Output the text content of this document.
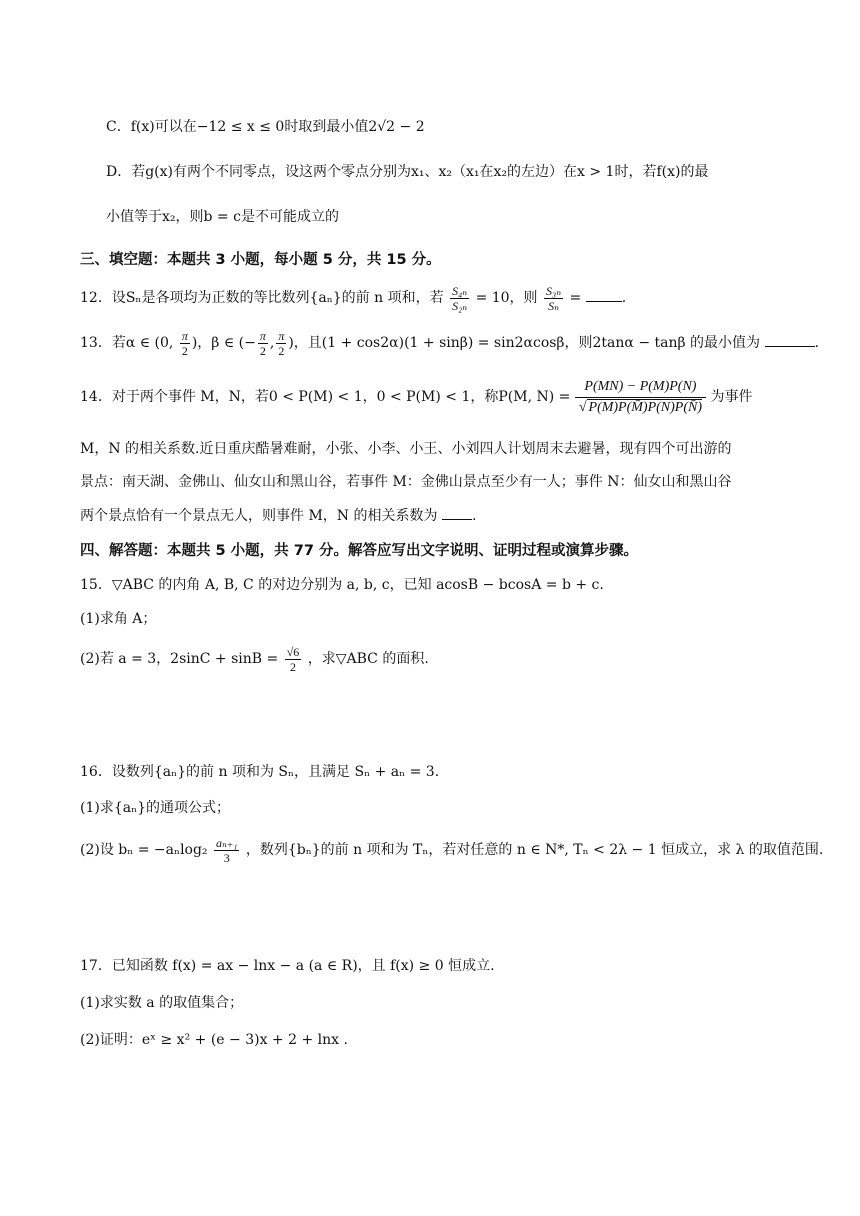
C．f(x)可以在−12 ≤ x ≤ 0时取到最小值2√2 − 2
D．若g(x)有两个不同零点，设这两个零点分别为x₁、x₂（x₁在x₂的左边）在x > 1时，若f(x)的最
小值等于x₂，则b = c是不可能成立的
三、填空题：本题共 3 小题，每小题 5 分，共 15 分。
12．设Sₙ是各项均为正数的等比数列{aₙ}的前 n 项和，若 $\frac{\text{S₄ₙ}}{\text{S₂ₙ}} = 10$，则 $\frac{\text{S₃ₙ}}{\text{Sₙ}}$ =	.
13．若α ∈ (0, $\frac{\pi}{2}$ )，β ∈ (− $\frac{\pi}{2}$ , $\frac{\pi}{2}$ )，且(1 + cos2α)(1 + sinβ) = sin2αcosβ，则2tanα − tanβ 的最小值为	.
14．对于两个事件 M，N，若0 < P(M) < 1，0 < P(M) < 1，称P(M, $N) = \frac{P(MN) - P(M)P(N)}{√ P(M)P(M̄)P(N)P(N̄)}$ 为事件
M，N 的相关系数.近日重庆酷暑难耐，小张、小李、小王、小刘四人计划周末去避暑，现有四个可出游的
景点：南天湖、金佛山、仙女山和黑山谷，若事件 M：金佛山景点至少有一人；事件 N：仙女山和黑山谷
两个景点恰有一个景点无人，则事件 M，N 的相关系数为 .
四、解答题：本题共 5 小题，共 77 分。解答应写出文字说明、证明过程或演算步骤。
15．▽ABC 的内角 A, B, C 的对边分别为 a, b, c，已知 acosB − bcosA = b + c.
(1)求角 A；
(2)若 a = 3，$2\sin C + \sin B = \frac{√6}{2}$ ，求▽ABC 的面积.
16．设数列{aₙ}的前 n 项和为 Sₙ，且满足 Sₙ + aₙ = 3.
(1)求{aₙ}的通项公式；
(2)设 $b_n = -a_n\log_2 \frac{\text{aₙ₊₁}}{3}$ ，数列{bₙ}的前 n 项和为 Tₙ，若对任意的 n ∈ N*, Tₙ < 2λ − 1 恒成立，求 λ 的取值范围.
17．已知函数 f(x) = ax − lnx − a (a ∈ R)，且 f(x) ≥ 0 恒成立.
(1)求实数 a 的取值集合；
(2)证明：eˣ ≥ x² + (e − 3)x + 2 + lnx .
